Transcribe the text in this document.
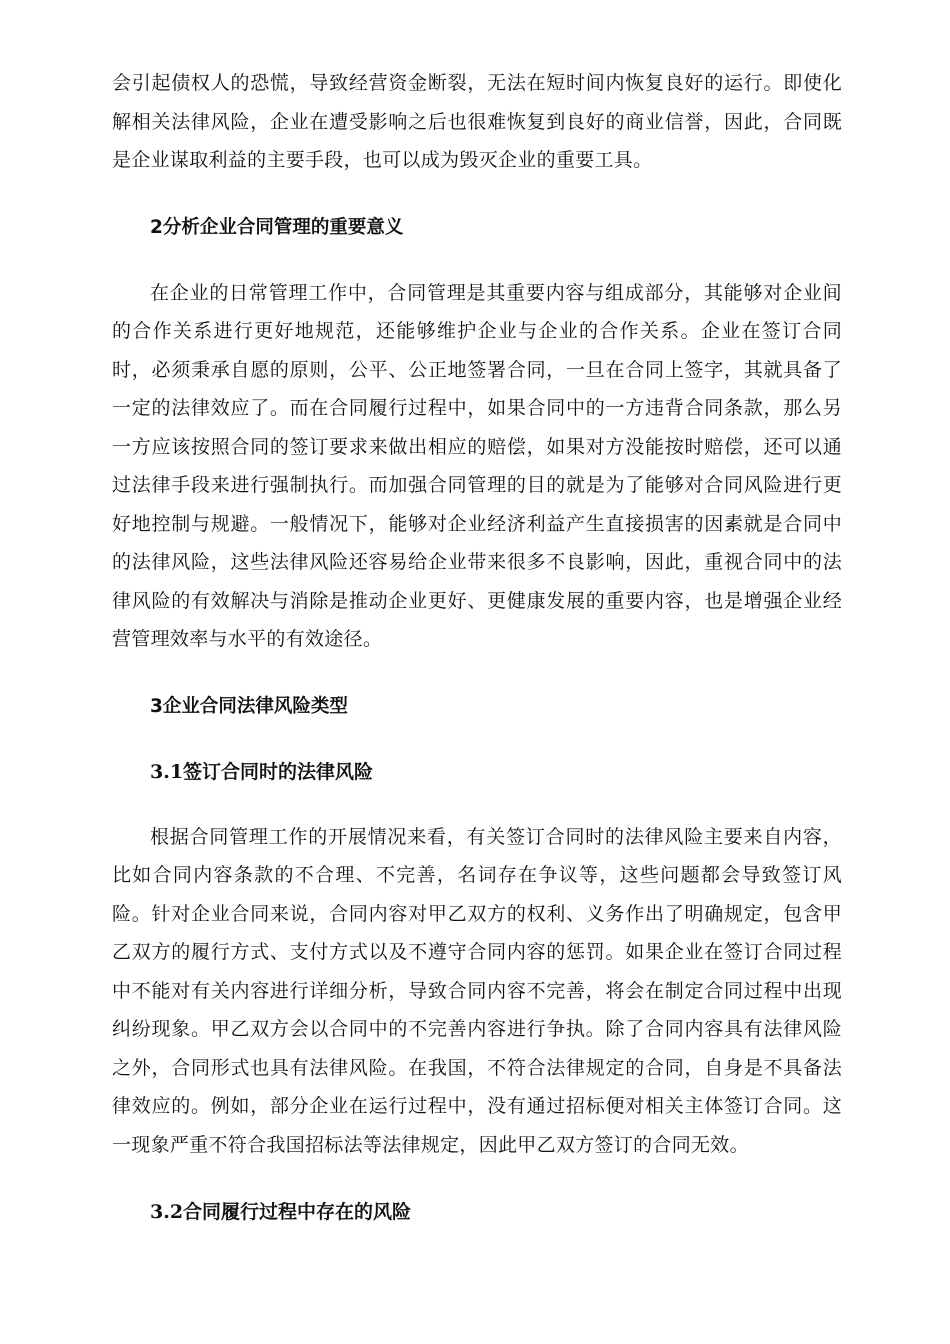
会引起债权人的恐慌，导致经营资金断裂，无法在短时间内恢复良好的运行。即使化解相关法律风险，企业在遭受影响之后也很难恢复到良好的商业信誉，因此，合同既是企业谋取利益的主要手段，也可以成为毁灭企业的重要工具。

2分析企业合同管理的重要意义

在企业的日常管理工作中，合同管理是其重要内容与组成部分，其能够对企业间的合作关系进行更好地规范，还能够维护企业与企业的合作关系。企业在签订合同时，必须秉承自愿的原则，公平、公正地签署合同，一旦在合同上签字，其就具备了一定的法律效应了。而在合同履行过程中，如果合同中的一方违背合同条款，那么另一方应该按照合同的签订要求来做出相应的赔偿，如果对方没能按时赔偿，还可以通过法律手段来进行强制执行。而加强合同管理的目的就是为了能够对合同风险进行更好地控制与规避。一般情况下，能够对企业经济利益产生直接损害的因素就是合同中的法律风险，这些法律风险还容易给企业带来很多不良影响，因此，重视合同中的法律风险的有效解决与消除是推动企业更好、更健康发展的重要内容，也是增强企业经营管理效率与水平的有效途径。

3企业合同法律风险类型
3.1签订合同时的法律风险

根据合同管理工作的开展情况来看，有关签订合同时的法律风险主要来自内容，比如合同内容条款的不合理、不完善，名词存在争议等，这些问题都会导致签订风险。针对企业合同来说，合同内容对甲乙双方的权利、义务作出了明确规定，包含甲乙双方的履行方式、支付方式以及不遵守合同内容的惩罚。如果企业在签订合同过程中不能对有关内容进行详细分析，导致合同内容不完善，将会在制定合同过程中出现纠纷现象。甲乙双方会以合同中的不完善内容进行争执。除了合同内容具有法律风险之外，合同形式也具有法律风险。在我国，不符合法律规定的合同，自身是不具备法律效应的。例如，部分企业在运行过程中，没有通过招标便对相关主体签订合同。这一现象严重不符合我国招标法等法律规定，因此甲乙双方签订的合同无效。

3.2合同履行过程中存在的风险
